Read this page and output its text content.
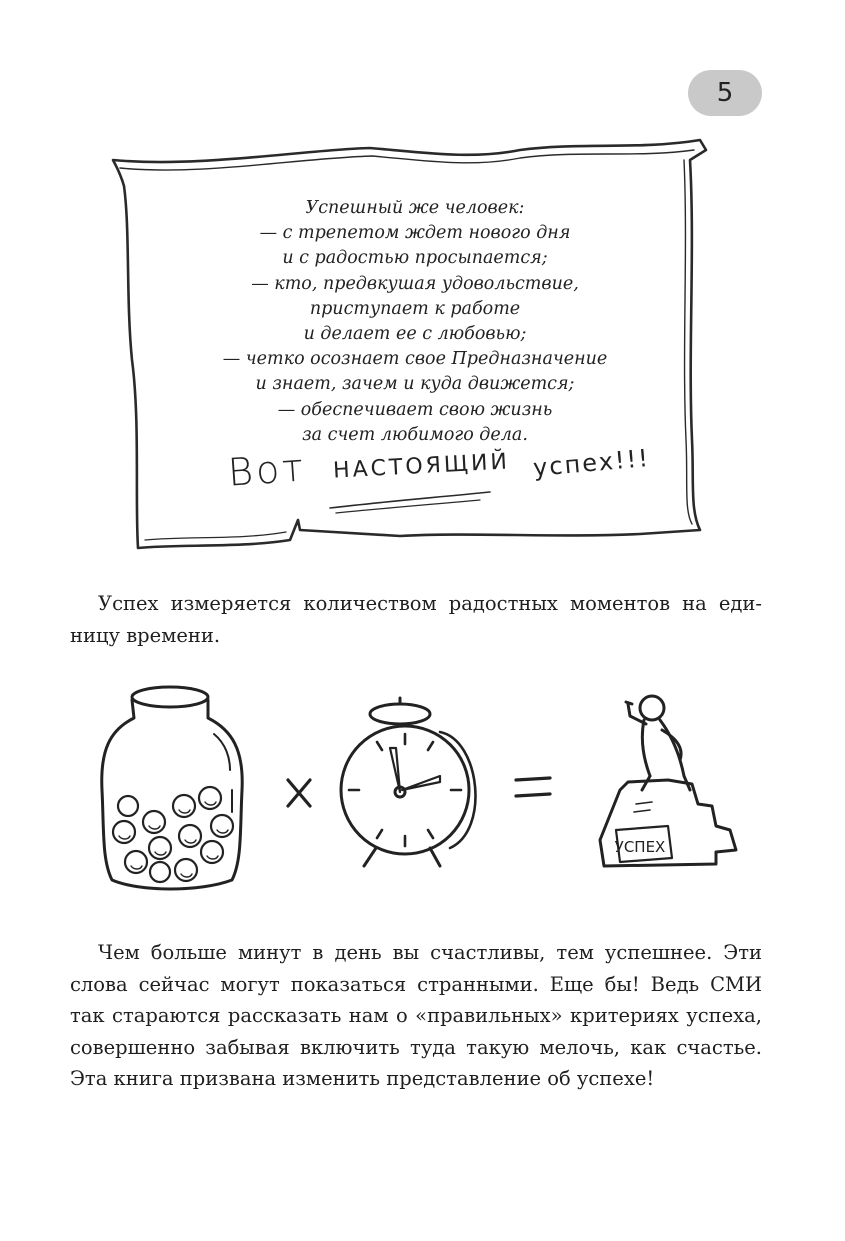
5
Успешный же человек:
— с трепетом ждет нового дня
и с радостью просыпается;
— кто, предвкушая удовольствие,
приступает к работе
и делает ее с любовью;
— четко осознает свое Предназначение
и знает, зачем и куда движется;
— обеспечивает свою жизнь
за счет любимого дела.
Вот НАСТОЯЩИЙ успех!!!
Успех измеряется количеством радостных моментов на еди-
ницу времени.
УСПЕХ
Чем больше минут в день вы счастливы, тем успешнее. Эти
слова сейчас могут показаться странными. Еще бы! Ведь СМИ
так стараются рассказать нам о «правильных» критериях успеха,
совершенно забывая включить туда такую мелочь, как счастье.
Эта книга призвана изменить представление об успехе!
